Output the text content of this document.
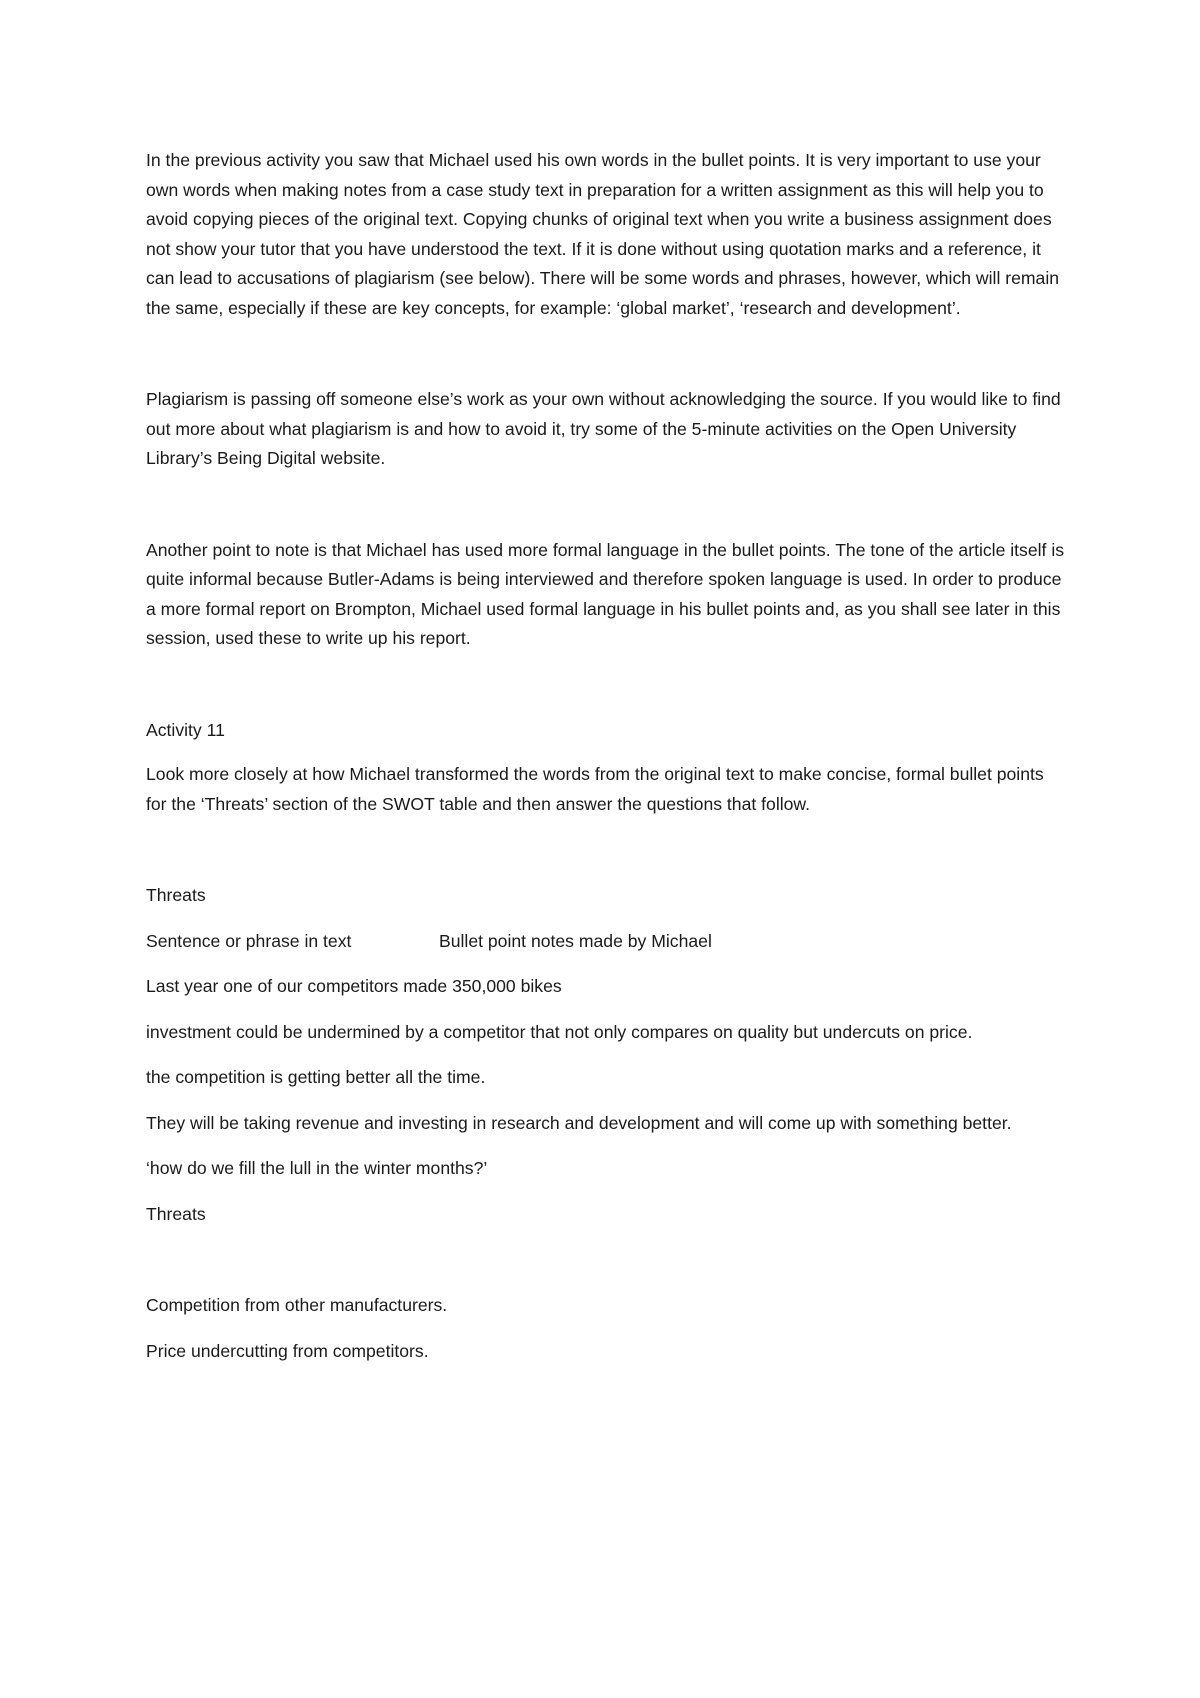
In the previous activity you saw that Michael used his own words in the bullet points. It is very important to use your own words when making notes from a case study text in preparation for a written assignment as this will help you to avoid copying pieces of the original text. Copying chunks of original text when you write a business assignment does not show your tutor that you have understood the text. If it is done without using quotation marks and a reference, it can lead to accusations of plagiarism (see below). There will be some words and phrases, however, which will remain the same, especially if these are key concepts, for example: ‘global market’, ‘research and development’.

Plagiarism is passing off someone else’s work as your own without acknowledging the source. If you would like to find out more about what plagiarism is and how to avoid it, try some of the 5-minute activities on the Open University Library’s Being Digital website.

Another point to note is that Michael has used more formal language in the bullet points. The tone of the article itself is quite informal because Butler-Adams is being interviewed and therefore spoken language is used. In order to produce a more formal report on Brompton, Michael used formal language in his bullet points and, as you shall see later in this session, used these to write up his report.

Activity 11

Look more closely at how Michael transformed the words from the original text to make concise, formal bullet points for the ‘Threats’ section of the SWOT table and then answer the questions that follow.

Threats

Sentence or phrase in text	Bullet point notes made by Michael

Last year one of our competitors made 350,000 bikes

investment could be undermined by a competitor that not only compares on quality but undercuts on price.

the competition is getting better all the time.

They will be taking revenue and investing in research and development and will come up with something better.

‘how do we fill the lull in the winter months?’

Threats

Competition from other manufacturers.

Price undercutting from competitors.
